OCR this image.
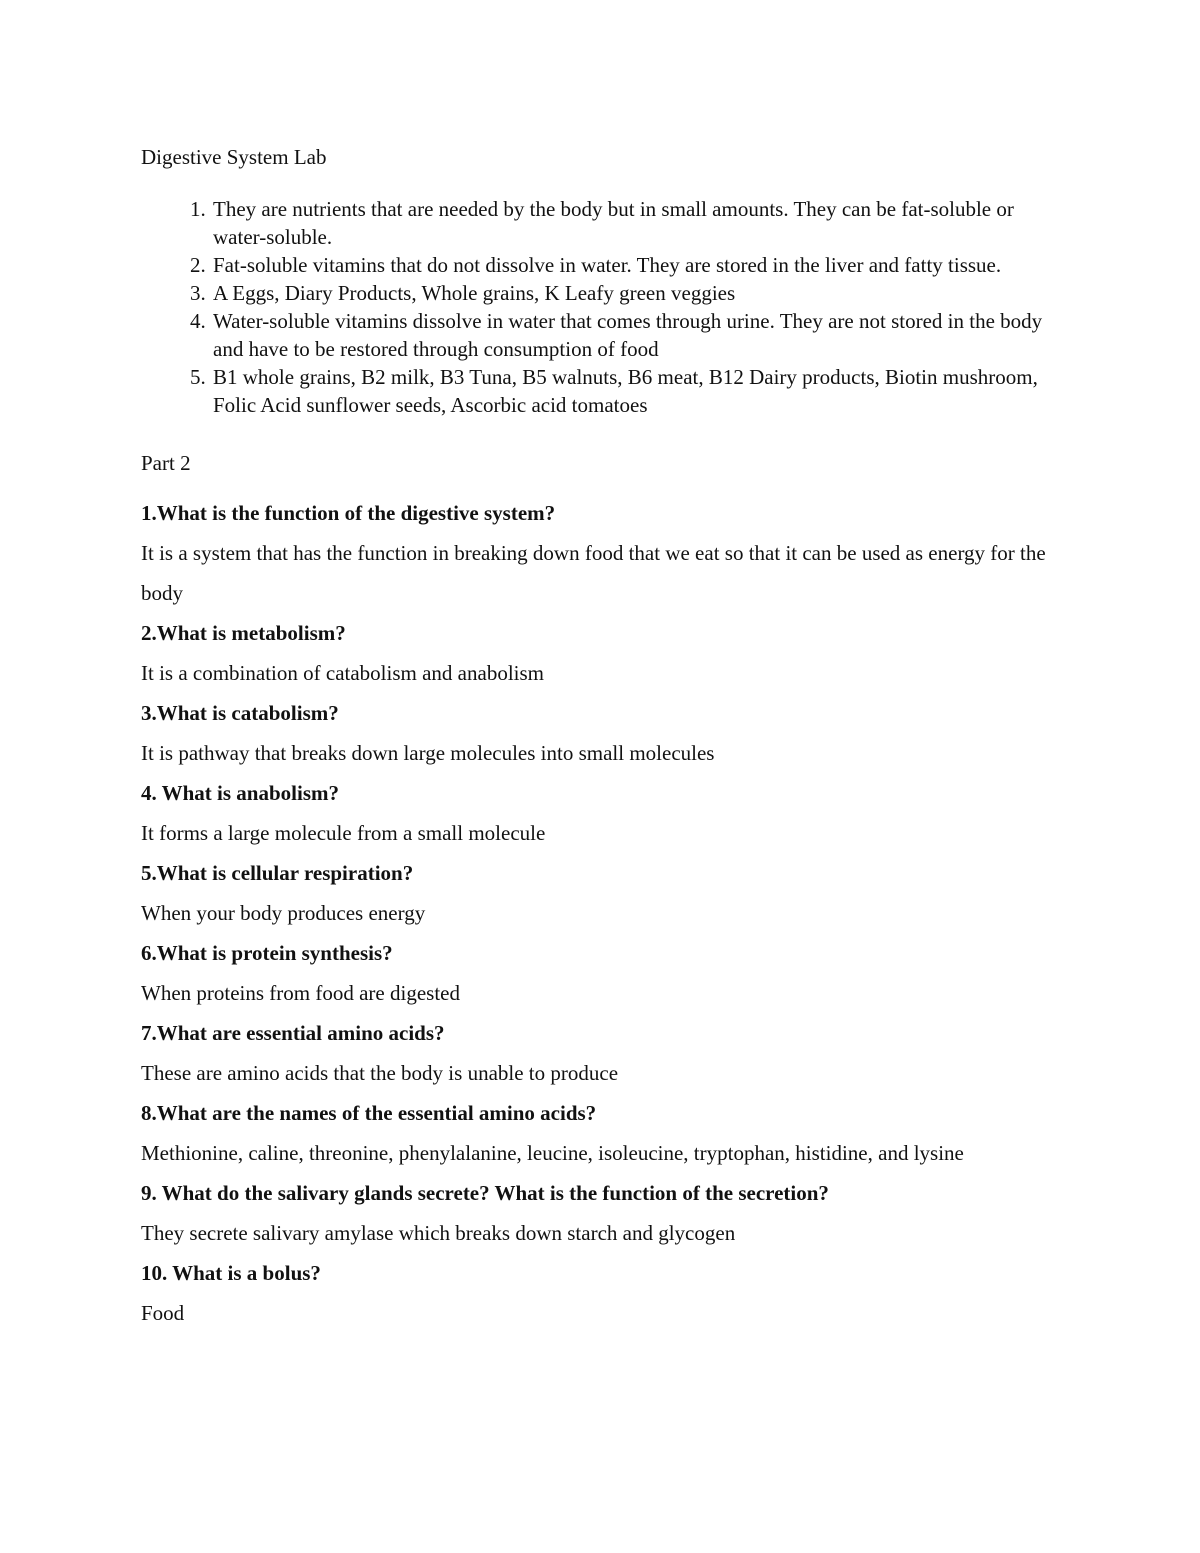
Digestive System Lab

1. They are nutrients that are needed by the body but in small amounts. They can be fat-soluble or water-soluble.
2. Fat-soluble vitamins that do not dissolve in water. They are stored in the liver and fatty tissue.
3. A Eggs, Diary Products, Whole grains, K Leafy green veggies
4. Water-soluble vitamins dissolve in water that comes through urine. They are not stored in the body and have to be restored through consumption of food
5. B1 whole grains, B2 milk, B3 Tuna, B5 walnuts, B6 meat, B12 Dairy products, Biotin mushroom, Folic Acid sunflower seeds, Ascorbic acid tomatoes

Part 2

1.What is the function of the digestive system?

It is a system that has the function in breaking down food that we eat so that it can be used as energy for the body

2.What is metabolism?

It is a combination of catabolism and anabolism

3.What is catabolism?

It is pathway that breaks down large molecules into small molecules

4. What is anabolism?

It forms a large molecule from a small molecule

5.What is cellular respiration?

When your body produces energy

6.What is protein synthesis?

When proteins from food are digested

7.What are essential amino acids?

These are amino acids that the body is unable to produce

8.What are the names of the essential amino acids?

Methionine, caline, threonine, phenylalanine, leucine, isoleucine, tryptophan, histidine, and lysine

9. What do the salivary glands secrete? What is the function of the secretion?

They secrete salivary amylase which breaks down starch and glycogen

10. What is a bolus?

Food
